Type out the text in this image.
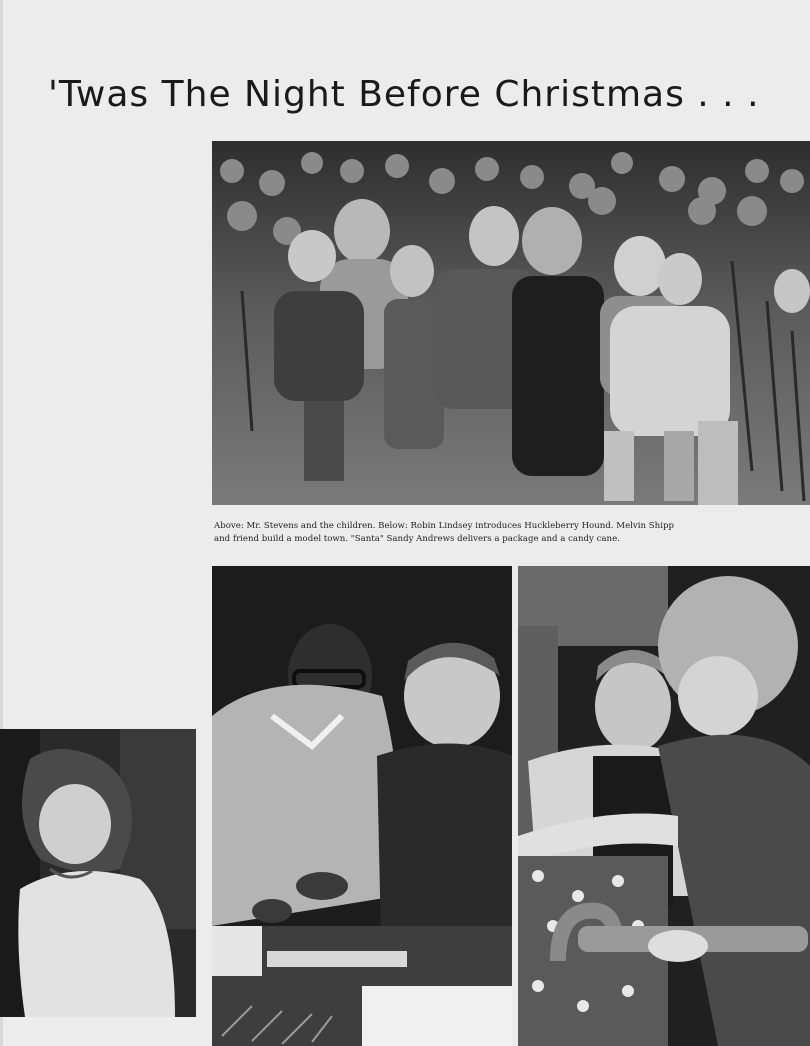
'Twas The Night Before Christmas . . .

Above: Mr. Stevens and the children. Below: Robin Lindsey introduces Huckleberry Hound. Melvin Shipp
and friend build a model town. "Santa" Sandy Andrews delivers a package and a candy cane.
